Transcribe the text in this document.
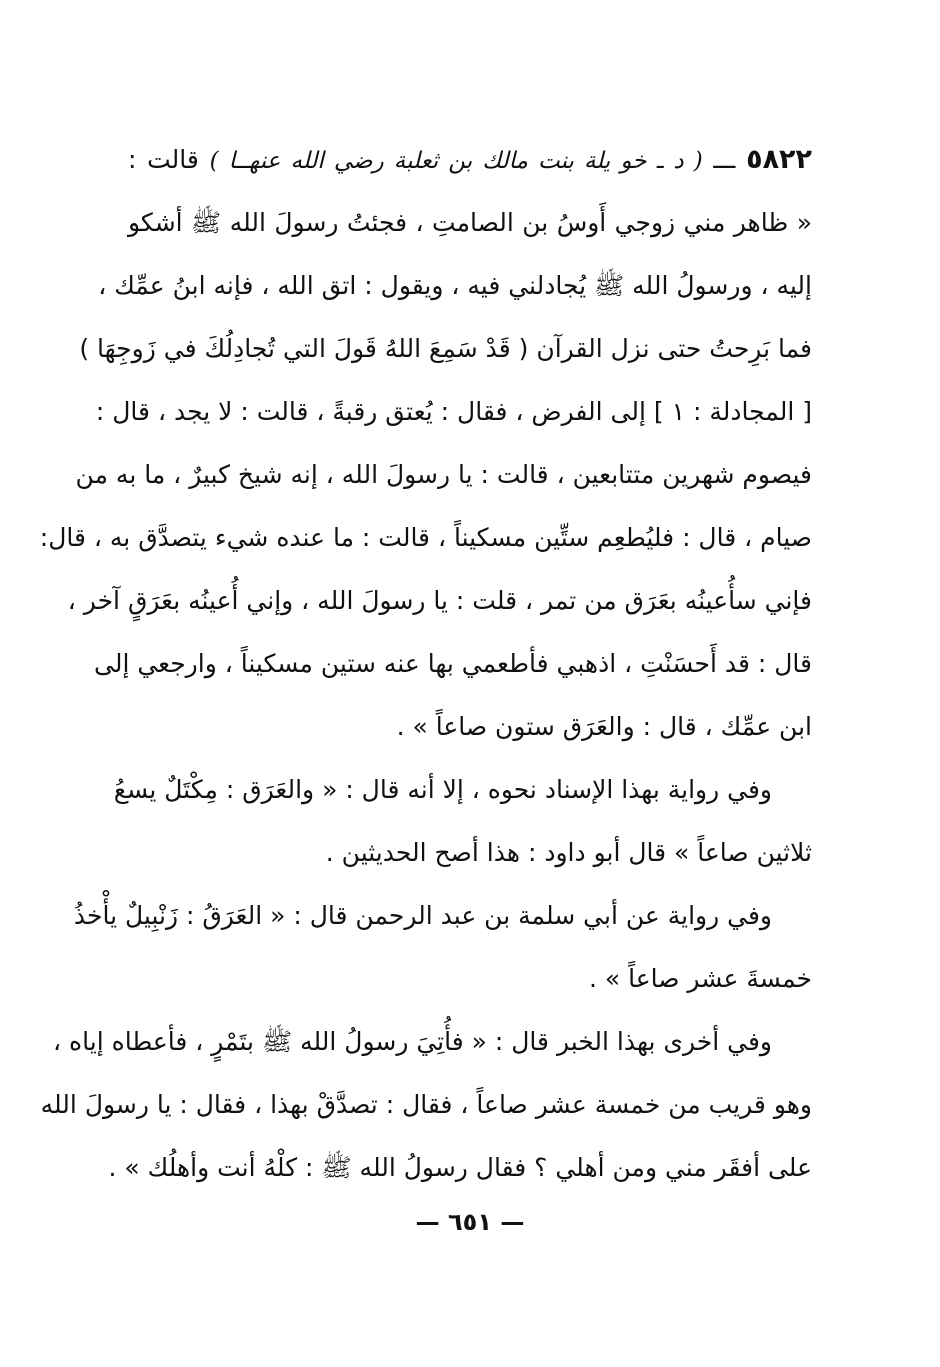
٥٨٢٢ ـــ ( د ـ خو يلة بنت مالك بن ثعلبة رضي الله عنهــا ) قالت :
« ظاهر مني زوجي أَوسُ بن الصامتِ ، فجئتُ رسولَ الله ﷺ أشكو
إليه ، ورسولُ الله ﷺ يُجادلني فيه ، ويقول : اتق الله ، فإنه ابنُ عمِّك ،
فما بَرِحتُ حتى نزل القرآن ( قَدْ سَمِعَ اللهُ قَولَ التي تُجادِلُكَ في زَوجِهَا )
[ المجادلة : ١ ] إلى الفرض ، فقال : يُعتق رقبةً ، قالت : لا يجد ، قال :
فيصوم شهرين متتابعين ، قالت : يا رسولَ الله ، إنه شيخ كبيرٌ ، ما به من
صيام ، قال : فليُطعِم ستِّين مسكيناً ، قالت : ما عنده شيء يتصدَّق به ، قال:
فإني سأُعينُه بعَرَق من تمر ، قلت : يا رسولَ الله ، وإني أُعينُه بعَرَقٍ آخر ،
قال : قد أَحسَنْتِ ، اذهبي فأطعمي بها عنه ستين مسكيناً ، وارجعي إلى
ابن عمِّك ، قال : والعَرَق ستون صاعاً » .
وفي رواية بهذا الإسناد نحوه ، إلا أنه قال : « والعَرَق : مِكْتَلٌ يسعُ
ثلاثين صاعاً » قال أبو داود : هذا أصح الحديثين .
وفي رواية عن أبي سلمة بن عبد الرحمن قال : « العَرَقُ : زَنْبِيلٌ يأْخذُ
خمسةَ عشر صاعاً » .
وفي أخرى بهذا الخبر قال : « فأُتِيَ رسولُ الله ﷺ بتَمْرٍ ، فأعطاه إياه ،
وهو قريب من خمسة عشر صاعاً ، فقال : تصدَّقْ بهذا ، فقال : يا رسولَ الله
على أفقَر مني ومن أهلي ؟ فقال رسولُ الله ﷺ : كلْهُ أنت وأهلُك » .
— ٦٥١ —
